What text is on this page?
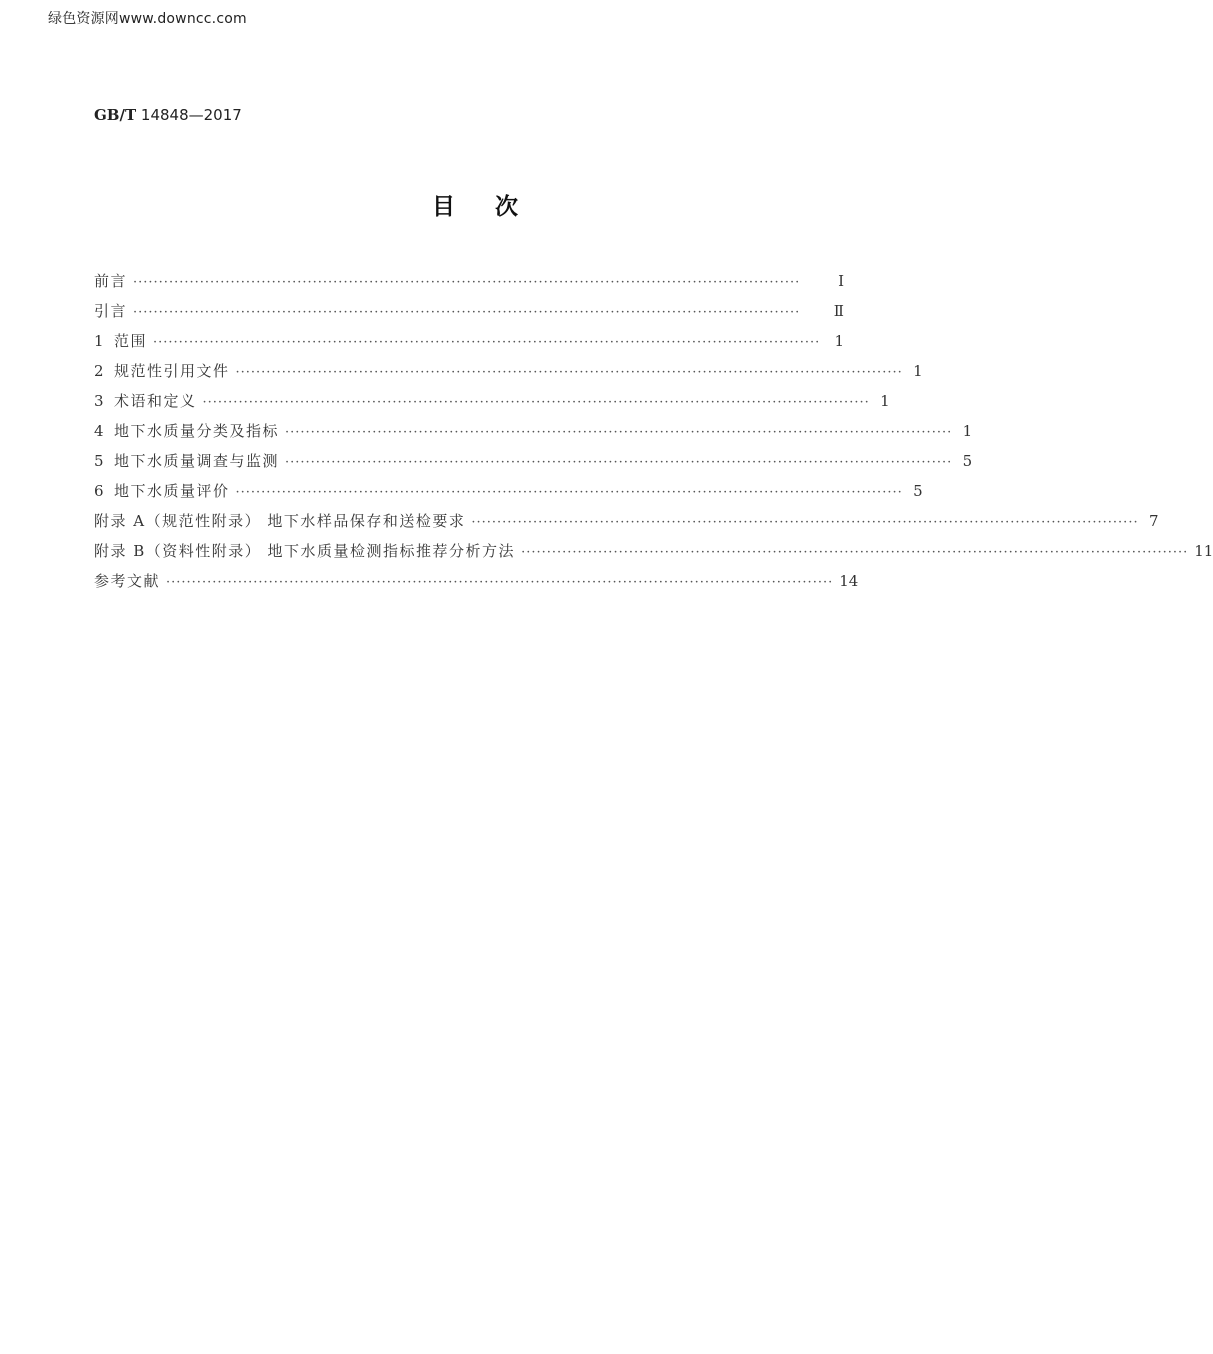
绿色资源网www.downcc.com
GB/T 14848—2017
目次
前言 ··································································································································	Ⅰ
引言 ··································································································································	Ⅱ
1 范围 ·································································································································· 1
2 规范性引用文件 ·································································································································· 1
3 术语和定义 ·································································································································· 1
4 地下水质量分类及指标 ·································································································································· 1
5 地下水质量调查与监测 ·································································································································· 5
6 地下水质量评价 ·································································································································· 5
附录 A（规范性附录） 地下水样品保存和送检要求 ·································································································································· 7
附录 B（资料性附录） 地下水质量检测指标推荐分析方法 ·································································································································· 11
参考文献 ·································································································································· 14
